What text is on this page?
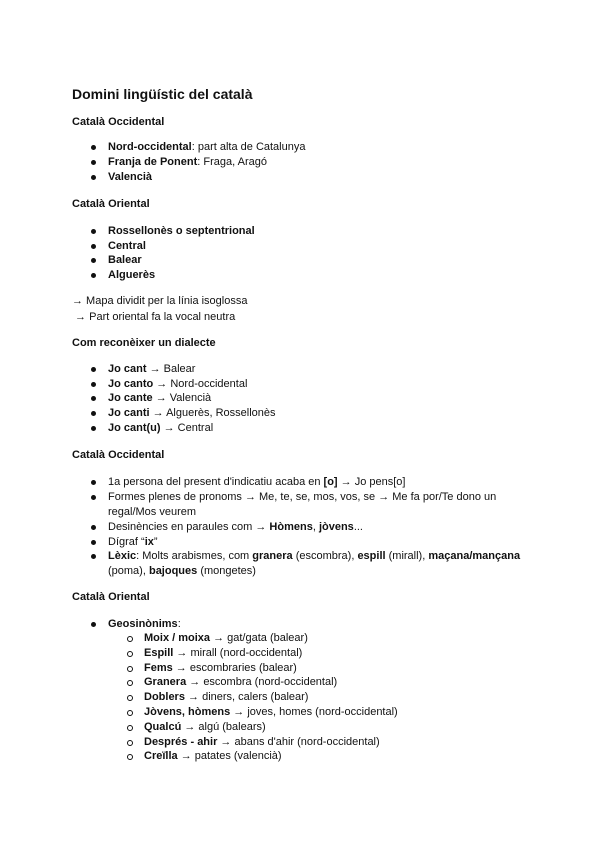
Domini lingüístic del català
Català Occidental
Nord-occidental: part alta de Catalunya
Franja de Ponent: Fraga, Aragó
Valencià
Català Oriental
Rossellonès o septentrional
Central
Balear
Alguerès
→ Mapa dividit per la línia isoglossa
→ Part oriental fa la vocal neutra
Com reconèixer un dialecte
Jo cant → Balear
Jo canto → Nord-occidental
Jo cante → Valencià
Jo canti → Alguerès, Rossellonès
Jo cant(u) → Central
Català Occidental
1a persona del present d'indicatiu acaba en [o] → Jo pens[o]
Formes plenes de pronoms → Me, te, se, mos, vos, se → Me fa por/Te dono un
regal/Mos veurem
Desinències en paraules com → Hòmens, jòvens...
Dígraf “ix”
Lèxic: Molts arabismes, com granera (escombra), espill (mirall), maçana/mançana
(poma), bajoques (mongetes)
Català Oriental
Geosinònims:
Moix / moixa → gat/gata (balear)
Espill → mirall (nord-occidental)
Fems → escombraries (balear)
Granera → escombra (nord-occidental)
Doblers → diners, calers (balear)
Jòvens, hòmens → joves, homes (nord-occidental)
Qualcú → algú (balears)
Després - ahir → abans d'ahir (nord-occidental)
Creïlla → patates (valencià)
